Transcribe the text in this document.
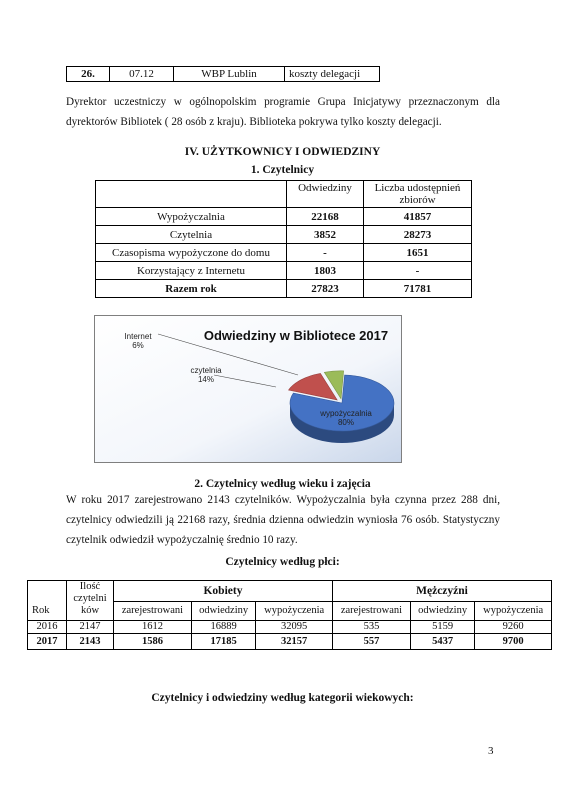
26.	07.12	WBP Lublin	koszty delegacji
Dyrektor uczestniczy w ogólnopolskim programie Grupa Inicjatywy przeznaczonym dla dyrektorów Bibliotek ( 28 osób z kraju). Biblioteka pokrywa tylko koszty delegacji.
IV. UŻYTKOWNICY I ODWIEDZINY
1. Czytelnicy
	Odwiedziny	Liczba udostępnień zbiorów
Wypożyczalnia	22168	41857
Czytelnia	3852	28273
Czasopisma wypożyczone do domu	-	1651
Korzystający z Internetu	1803	-
Razem rok	27823	71781
Odwiedziny w Bibliotece 2017
wypożyczalnia
80%
czytelnia
14%
Internet
6%
2. Czytelnicy według wieku i zajęcia
W roku 2017 zarejestrowano 2143 czytelników. Wypożyczalnia była czynna przez 288 dni, czytelnicy odwiedzili ją 22168 razy, średnia dzienna odwiedzin wyniosła 76 osób. Statystyczny czytelnik odwiedził wypożyczalnię średnio 10 razy.
Czytelnicy według płci:
Rok	Ilość czytelni ków	Kobiety			Mężczyźni		
		zarejestrowani	odwiedziny	wypożyczenia	zarejestrowani	odwiedziny	wypożyczenia
2016	2147	1612	16889	32095	535	5159	9260
2017	2143	1586	17185	32157	557	5437	9700
Czytelnicy i odwiedziny według kategorii wiekowych:
3
